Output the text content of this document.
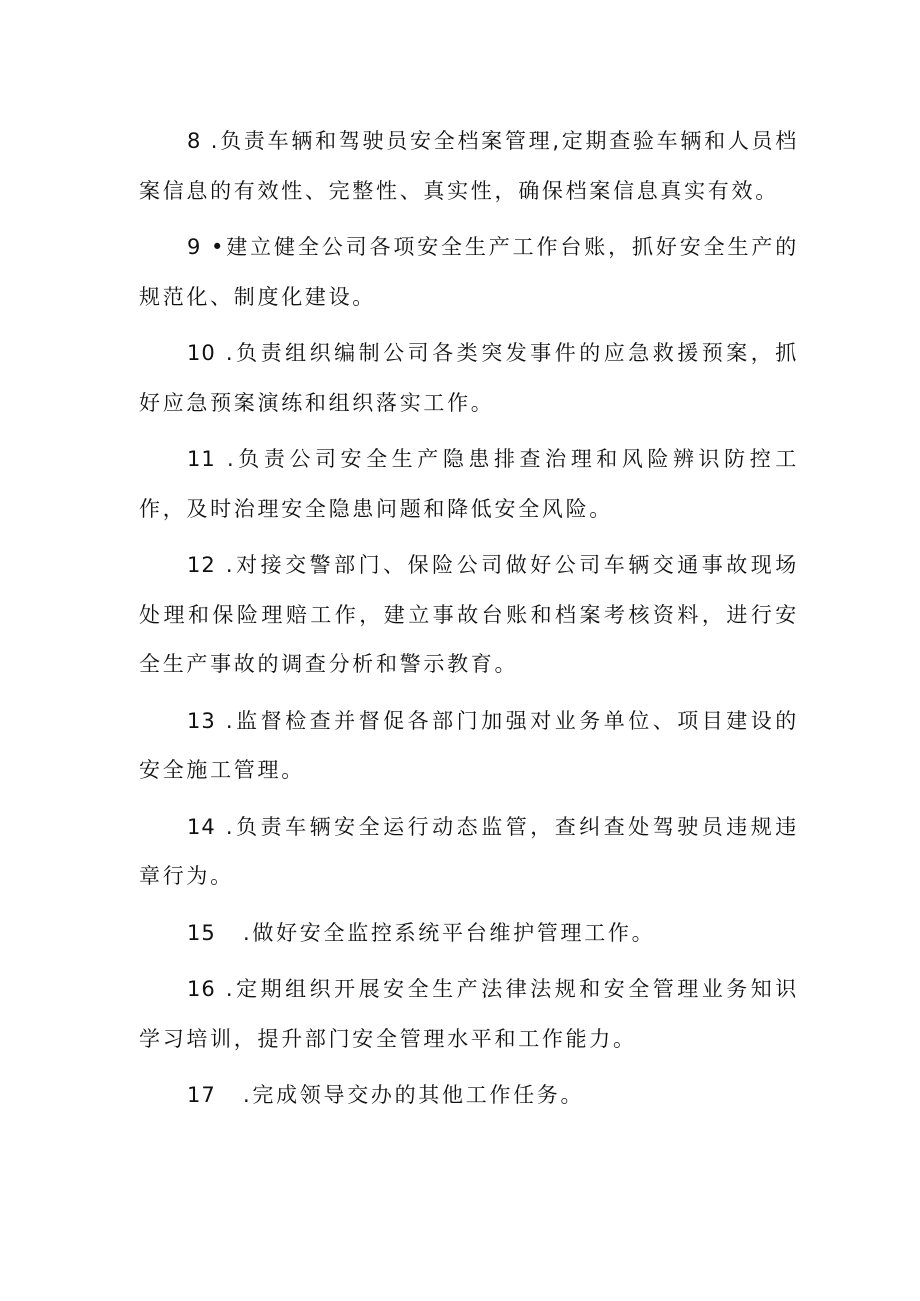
8 .负责车辆和驾驶员安全档案管理,定期查验车辆和人员档案信息的有效性、完整性、真实性，确保档案信息真实有效。

9 •建立健全公司各项安全生产工作台账，抓好安全生产的规范化、制度化建设。

10 .负责组织编制公司各类突发事件的应急救援预案，抓好应急预案演练和组织落实工作。

11 .负责公司安全生产隐患排查治理和风险辨识防控工作，及时治理安全隐患问题和降低安全风险。

12 .对接交警部门、保险公司做好公司车辆交通事故现场处理和保险理赔工作，建立事故台账和档案考核资料，进行安全生产事故的调查分析和警示教育。

13 .监督检查并督促各部门加强对业务单位、项目建设的安全施工管理。

14 .负责车辆安全运行动态监管，查纠查处驾驶员违规违章行为。

15 .做好安全监控系统平台维护管理工作。

16 .定期组织开展安全生产法律法规和安全管理业务知识学习培训，提升部门安全管理水平和工作能力。

17 .完成领导交办的其他工作任务。
